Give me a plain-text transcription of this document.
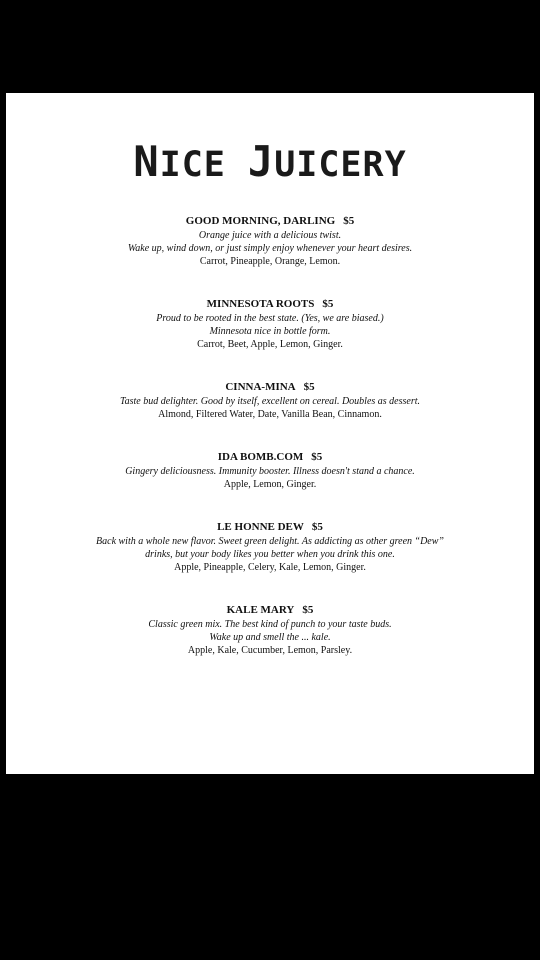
NICE JUICERY
GOOD MORNING, DARLING $5
Orange juice with a delicious twist.
Wake up, wind down, or just simply enjoy whenever your heart desires.
Carrot, Pineapple, Orange, Lemon.
MINNESOTA ROOTS $5
Proud to be rooted in the best state. (Yes, we are biased.)
Minnesota nice in bottle form.
Carrot, Beet, Apple, Lemon, Ginger.
CINNA-MINA $5
Taste bud delighter. Good by itself, excellent on cereal. Doubles as dessert.
Almond, Filtered Water, Date, Vanilla Bean, Cinnamon.
IDA BOMB.COM $5
Gingery deliciousness. Immunity booster. Illness doesn't stand a chance.
Apple, Lemon, Ginger.
LE HONNE DEW $5
Back with a whole new flavor. Sweet green delight. As addicting as other green “Dew”
drinks, but your body likes you better when you drink this one.
Apple, Pineapple, Celery, Kale, Lemon, Ginger.
KALE MARY $5
Classic green mix. The best kind of punch to your taste buds.
Wake up and smell the ... kale.
Apple, Kale, Cucumber, Lemon, Parsley.
